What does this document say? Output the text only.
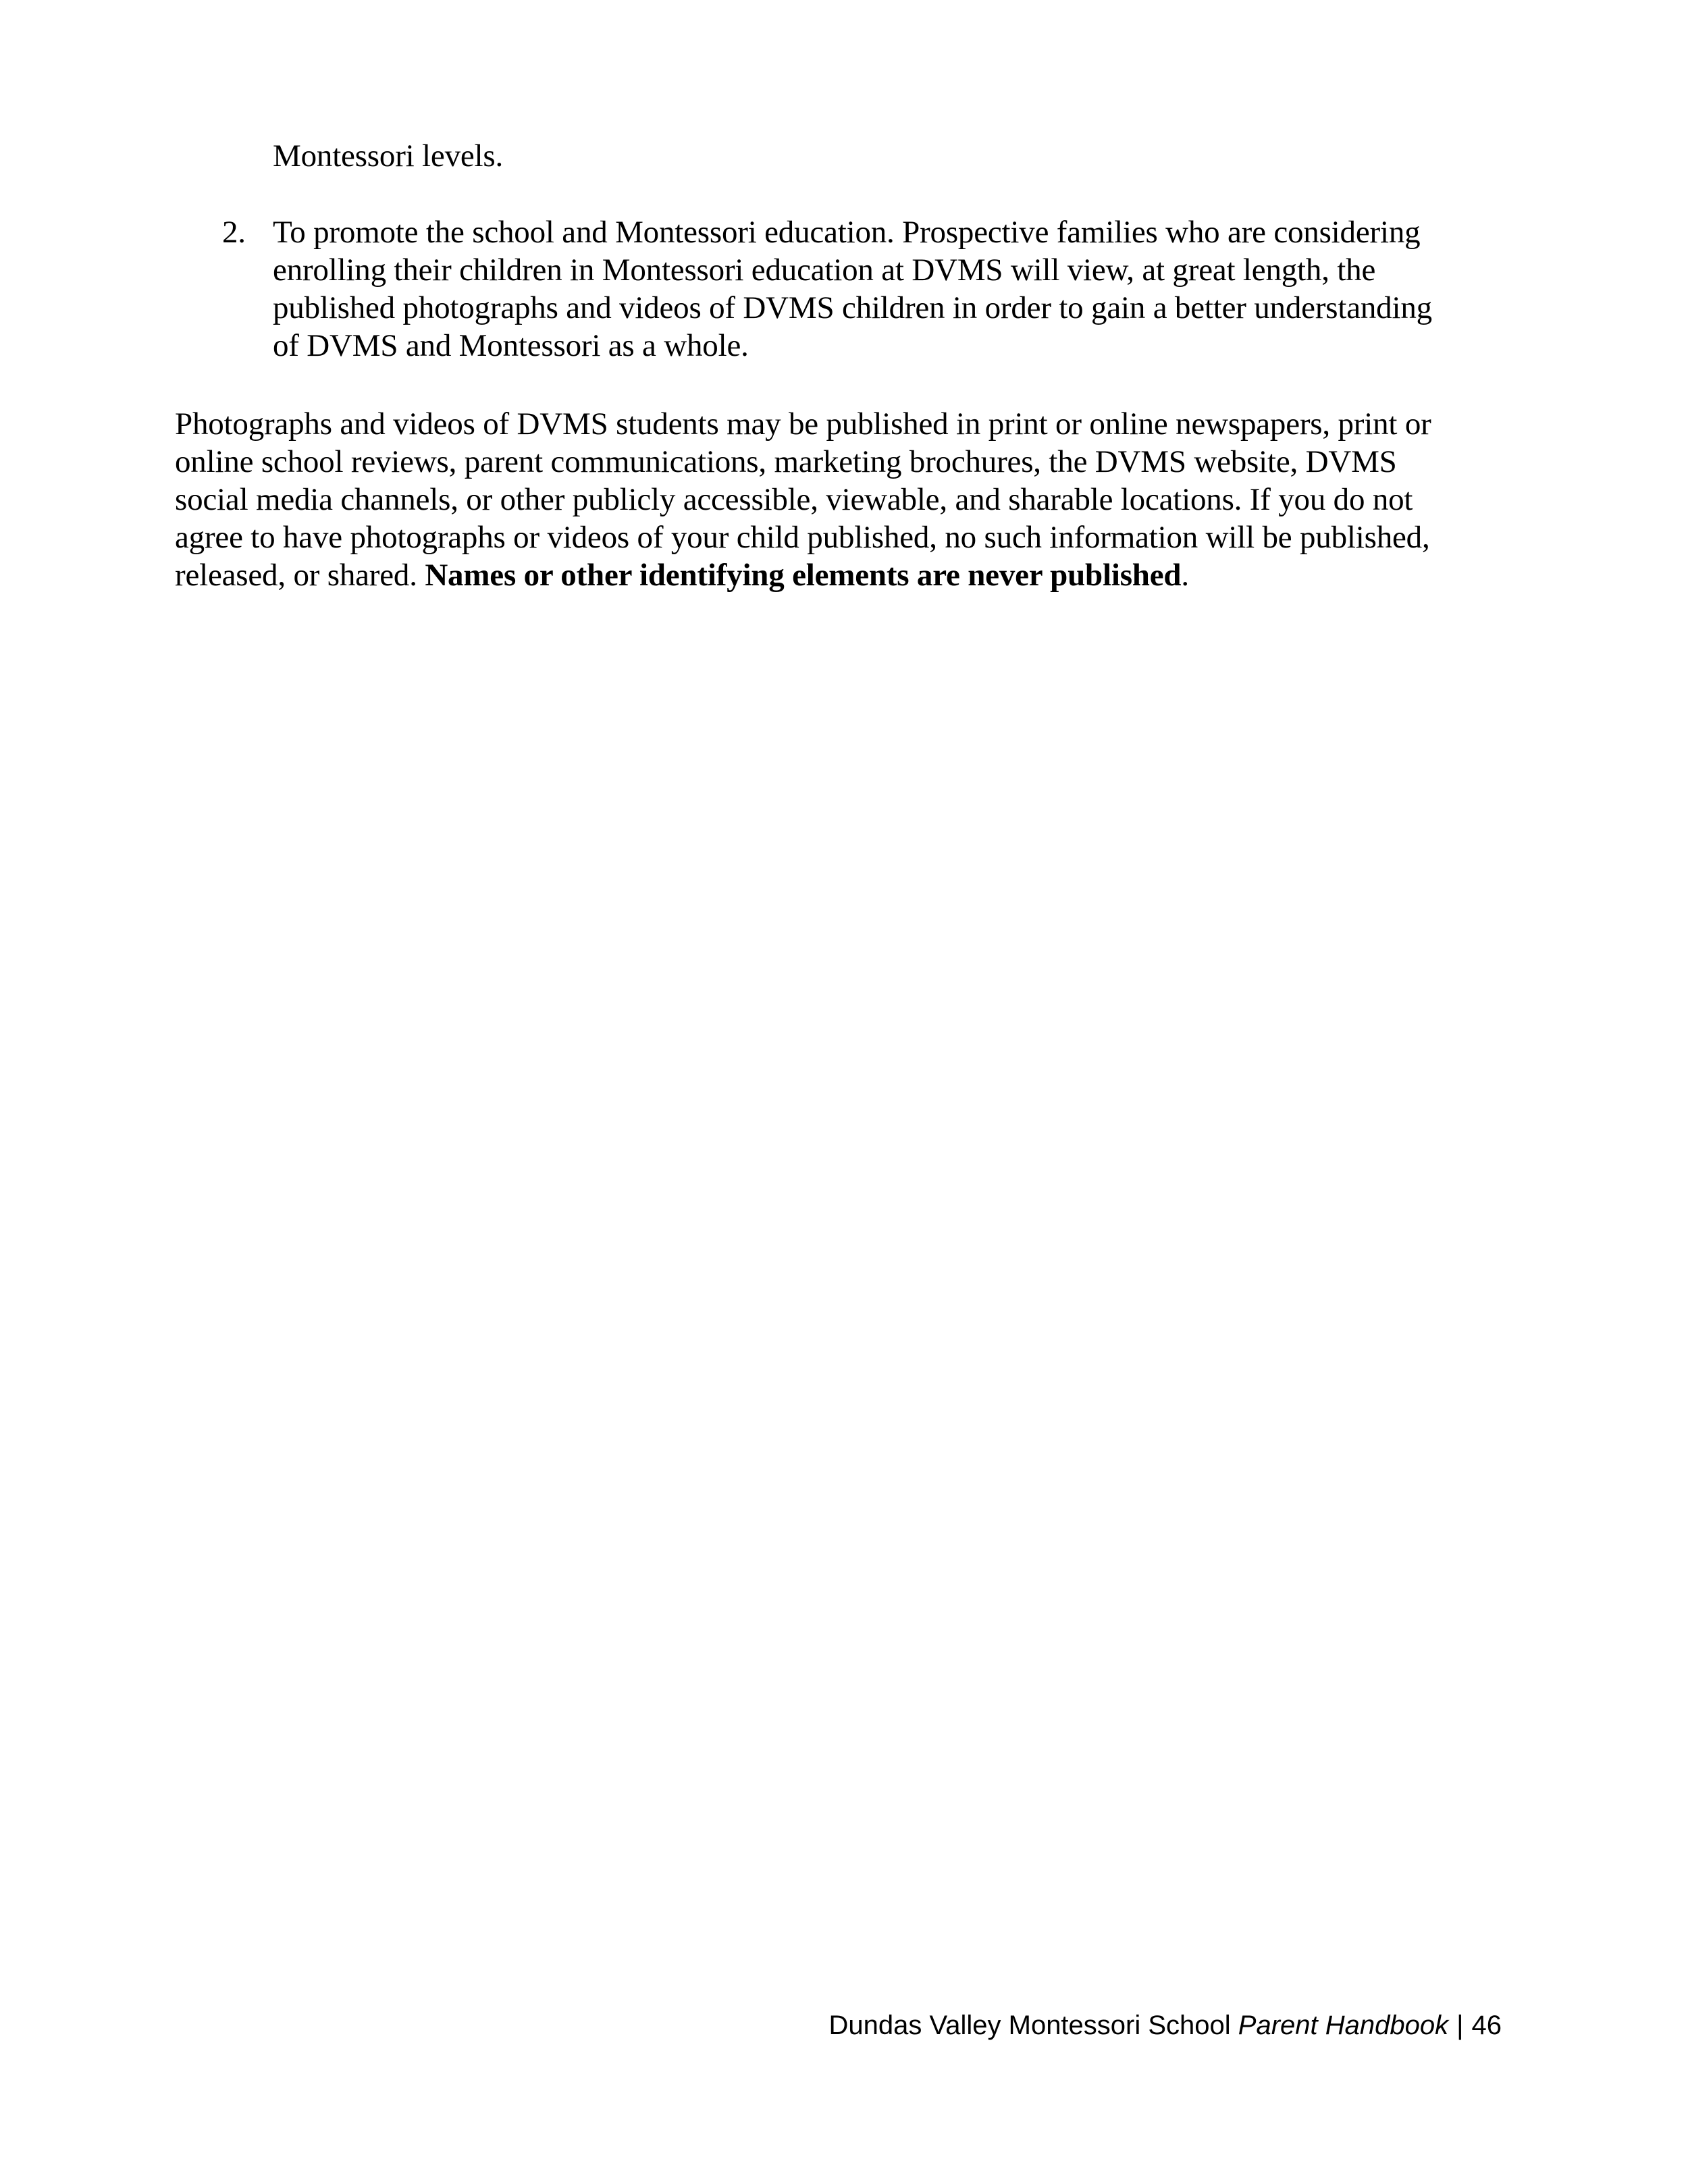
Montessori levels.
2. To promote the school and Montessori education. Prospective families who are considering
enrolling their children in Montessori education at DVMS will view, at great length, the
published photographs and videos of DVMS children in order to gain a better understanding
of DVMS and Montessori as a whole.
Photographs and videos of DVMS students may be published in print or online newspapers, print or
online school reviews, parent communications, marketing brochures, the DVMS website, DVMS
social media channels, or other publicly accessible, viewable, and sharable locations. If you do not
agree to have photographs or videos of your child published, no such information will be published,
released, or shared. Names or other identifying elements are never published.
Dundas Valley Montessori School Parent Handbook | 46
